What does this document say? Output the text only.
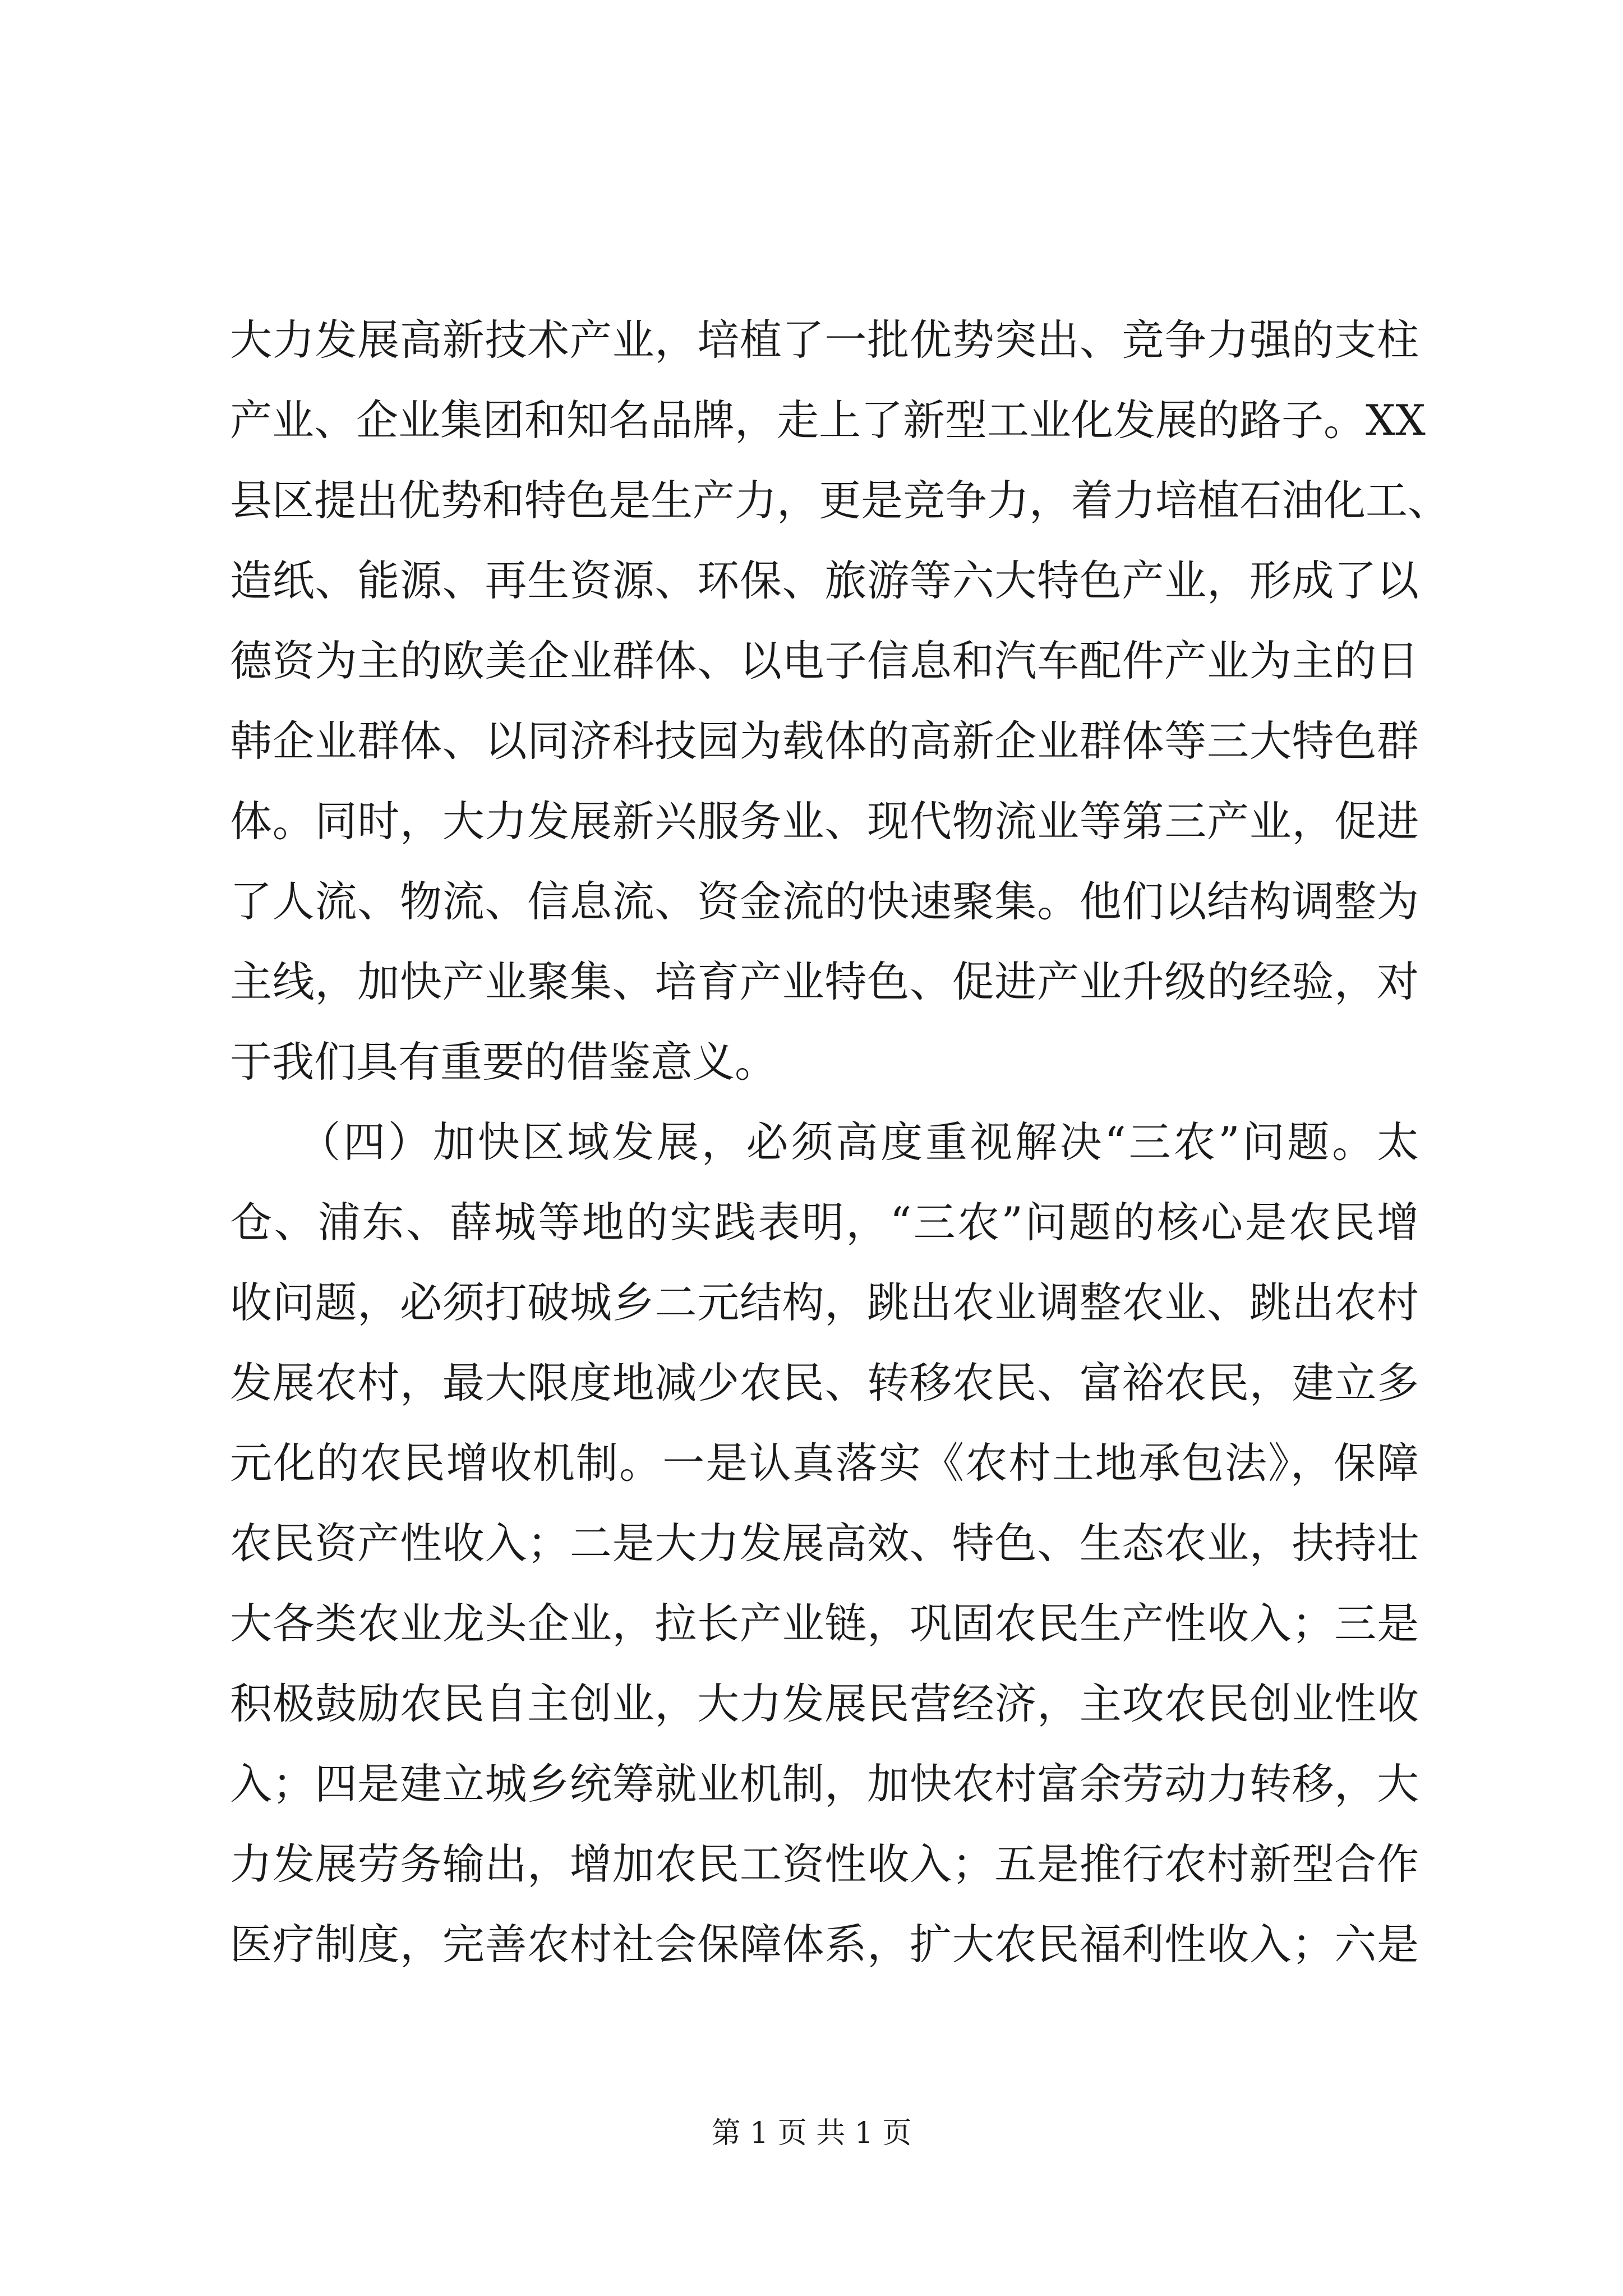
大力发展高新技术产业，培植了一批优势突出、竞争力强的支柱
产业、企业集团和知名品牌，走上了新型工业化发展的路子。XX
县区提出优势和特色是生产力，更是竞争力，着力培植石油化工、
造纸、能源、再生资源、环保、旅游等六大特色产业，形成了以
德资为主的欧美企业群体、以电子信息和汽车配件产业为主的日
韩企业群体、以同济科技园为载体的高新企业群体等三大特色群
体。同时，大力发展新兴服务业、现代物流业等第三产业，促进
了人流、物流、信息流、资金流的快速聚集。他们以结构调整为
主线，加快产业聚集、培育产业特色、促进产业升级的经验，对
于我们具有重要的借鉴意义。
　　（四）加快区域发展，必须高度重视解决“三农”问题。太
仓、浦东、薛城等地的实践表明，“三农”问题的核心是农民增
收问题，必须打破城乡二元结构，跳出农业调整农业、跳出农村
发展农村，最大限度地减少农民、转移农民、富裕农民，建立多
元化的农民增收机制。一是认真落实《农村土地承包法》，保障
农民资产性收入；二是大力发展高效、特色、生态农业，扶持壮
大各类农业龙头企业，拉长产业链，巩固农民生产性收入；三是
积极鼓励农民自主创业，大力发展民营经济，主攻农民创业性收
入；四是建立城乡统筹就业机制，加快农村富余劳动力转移，大
力发展劳务输出，增加农民工资性收入；五是推行农村新型合作
医疗制度，完善农村社会保障体系，扩大农民福利性收入；六是
第 1 页 共 1 页
